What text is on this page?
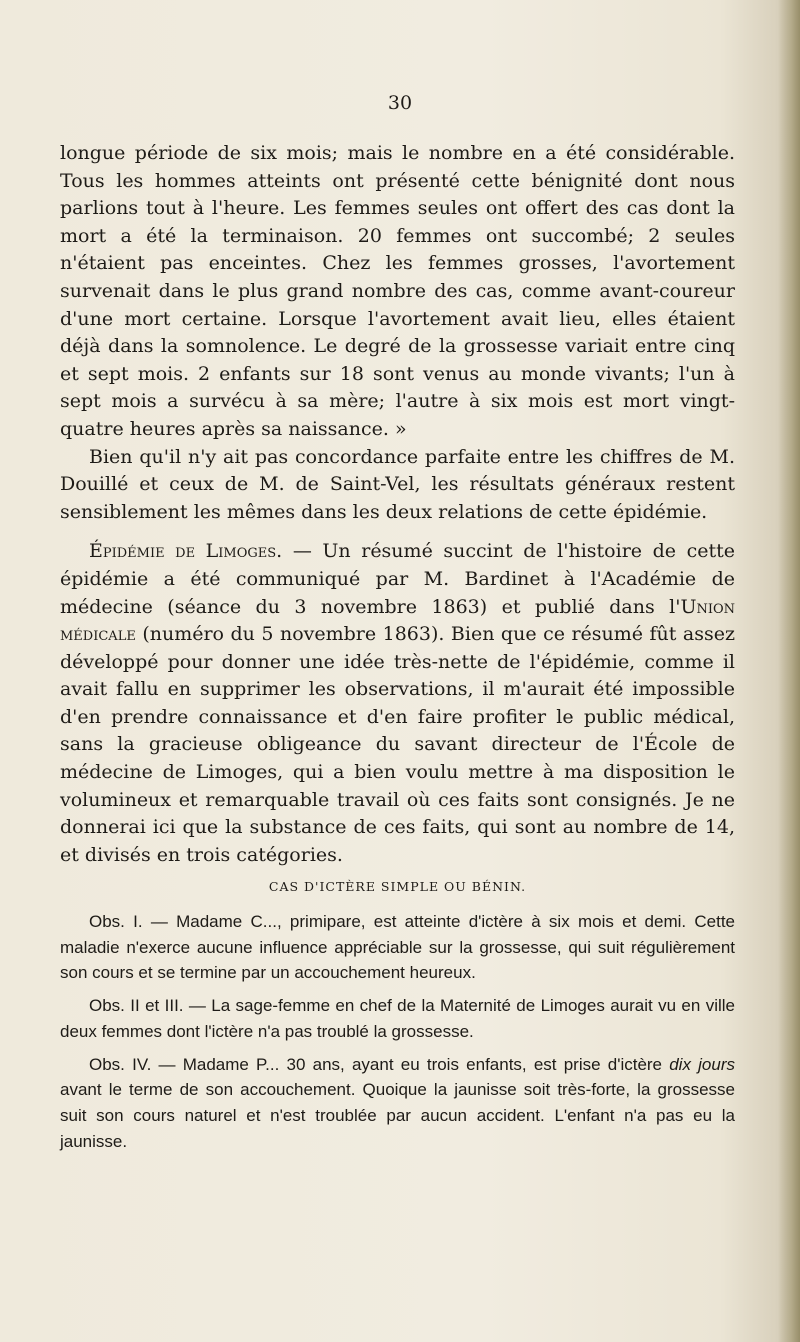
30

longue période de six mois; mais le nombre en a été considérable. Tous les hommes atteints ont présenté cette bénignité dont nous parlions tout à l'heure. Les femmes seules ont offert des cas dont la mort a été la terminaison. 20 femmes ont succombé; 2 seules n'étaient pas enceintes. Chez les femmes grosses, l'avortement survenait dans le plus grand nombre des cas, comme avant-coureur d'une mort certaine. Lorsque l'avortement avait lieu, elles étaient déjà dans la somnolence. Le degré de la grossesse variait entre cinq et sept mois. 2 enfants sur 18 sont venus au monde vivants; l'un à sept mois a survécu à sa mère; l'autre à six mois est mort vingt-quatre heures après sa naissance. »

Bien qu'il n'y ait pas concordance parfaite entre les chiffres de M. Douillé et ceux de M. de Saint-Vel, les résultats généraux restent sensiblement les mêmes dans les deux relations de cette épidémie.

Épidémie de Limoges. — Un résumé succint de l'histoire de cette épidémie a été communiqué par M. Bardinet à l'Académie de médecine (séance du 3 novembre 1863) et publié dans l'Union médicale (numéro du 5 novembre 1863). Bien que ce résumé fût assez développé pour donner une idée très-nette de l'épidémie, comme il avait fallu en supprimer les observations, il m'aurait été impossible d'en prendre connaissance et d'en faire profiter le public médical, sans la gracieuse obligeance du savant directeur de l'École de médecine de Limoges, qui a bien voulu mettre à ma disposition le volumineux et remarquable travail où ces faits sont consignés. Je ne donnerai ici que la substance de ces faits, qui sont au nombre de 14, et divisés en trois catégories.

CAS D'ICTÈRE SIMPLE OU BÉNIN.

Obs. I. — Madame C..., primipare, est atteinte d'ictère à six mois et demi. Cette maladie n'exerce aucune influence appréciable sur la grossesse, qui suit régulièrement son cours et se termine par un accouchement heureux.

Obs. II et III. — La sage-femme en chef de la Maternité de Limoges aurait vu en ville deux femmes dont l'ictère n'a pas troublé la grossesse.

Obs. IV. — Madame P... 30 ans, ayant eu trois enfants, est prise d'ictère dix jours avant le terme de son accouchement. Quoique la jaunisse soit très-forte, la grossesse suit son cours naturel et n'est troublée par aucun accident. L'enfant n'a pas eu la jaunisse.
